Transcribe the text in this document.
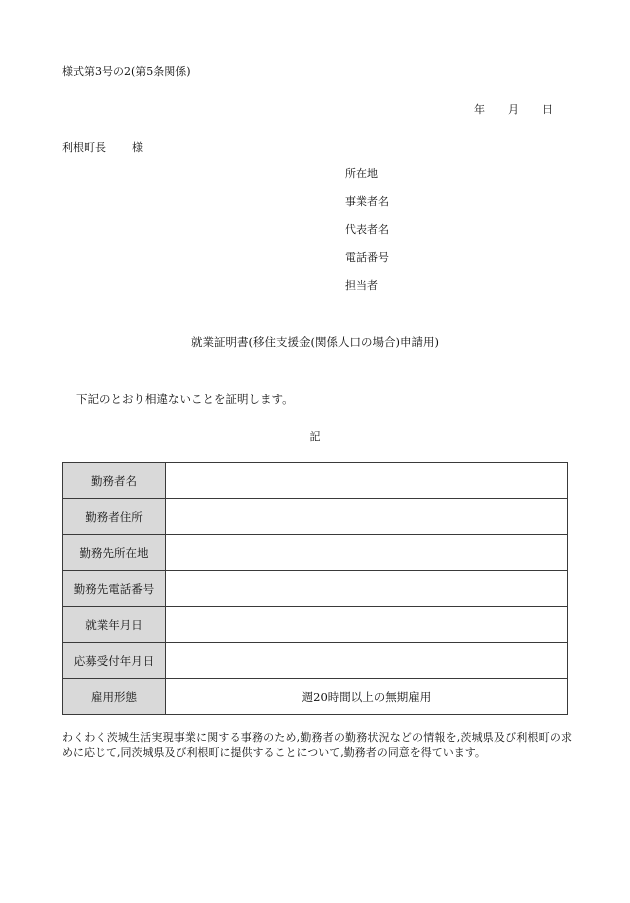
様式第3号の2(第5条関係)
年 月 日
利根町長 様
所在地
事業者名
代表者名
電話番号
担当者
就業証明書(移住支援金(関係人口の場合)申請用)
下記のとおり相違ないことを証明します。
記
勤務者名	
勤務者住所	
勤務先所在地	
勤務先電話番号	
就業年月日	
応募受付年月日	
雇用形態	週20時間以上の無期雇用
わくわく茨城生活実現事業に関する事務のため,勤務者の勤務状況などの情報を,茨城県及び利根町の求めに応じて,同茨城県及び利根町に提供することについて,勤務者の同意を得ています。
